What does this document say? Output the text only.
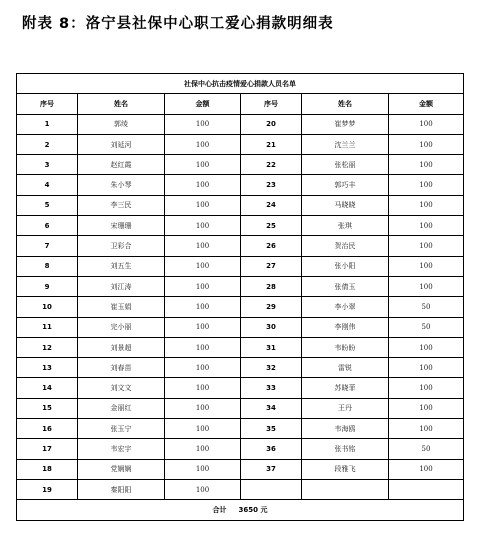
附表 8：洛宁县社保中心职工爱心捐款明细表
社保中心抗击疫情爱心捐款人员名单					
序号	姓名	金额	序号	姓名	金额
1	郭绫	100	20	崔梦梦	100
2	刘延河	100	21	沈兰兰	100
3	赵红霞	100	22	张松丽	100
4	朱小琴	100	23	郭巧丰	100
5	李三民	100	24	马晓晓	100
6	宋珊珊	100	25	张琪	100
7	卫彩合	100	26	贺治民	100
8	刘五生	100	27	张小阳	100
9	刘江涛	100	28	张倩玉	100
10	崔玉娟	100	29	李小翠	50
11	完小丽	100	30	李刚伟	50
12	刘景超	100	31	韦盼盼	100
13	刘春苗	100	32	雷锐	100
14	刘文文	100	33	苏晓菲	100
15	金丽红	100	34	王丹	100
16	张玉宁	100	35	韦海鸥	100
17	韦宏宇	100	36	张书铭	50
18	党娴娴	100	37	段雅飞	100
19	秦阳阳	100			
合计 3650 元					
